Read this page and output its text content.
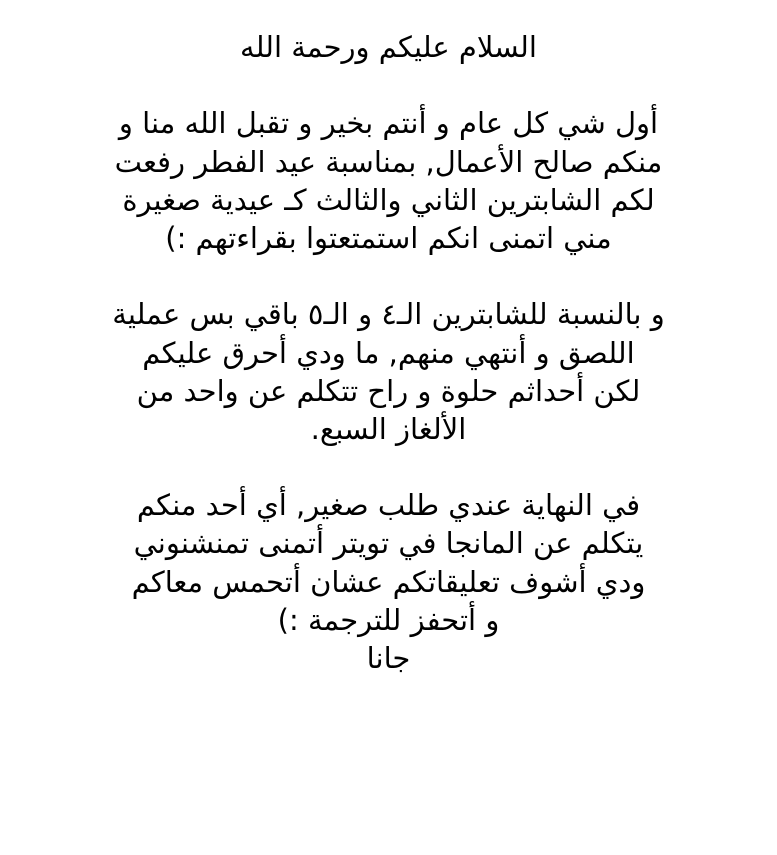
السلام عليكم ورحمة الله
أول شي كل عام و أنتم بخير و تقبل الله منا و
منكم صالح الأعمال, بمناسبة عيد الفطر رفعت
لكم الشابترين الثاني والثالث كـ عيدية صغيرة
مني اتمنى انكم استمتعتوا بقراءتهم :)
و بالنسبة للشابترين الـ٤ و الـ٥ باقي بس عملية
اللصق و أنتهي منهم, ما ودي أحرق عليكم
لكن أحداثم حلوة و راح تتكلم عن واحد من
الألغاز السبع.
في النهاية عندي طلب صغير, أي أحد منكم
يتكلم عن المانجا في تويتر أتمنى تمنشنوني
ودي أشوف تعليقاتكم عشان أتحمس معاكم
و أتحفز للترجمة :)
جانا
